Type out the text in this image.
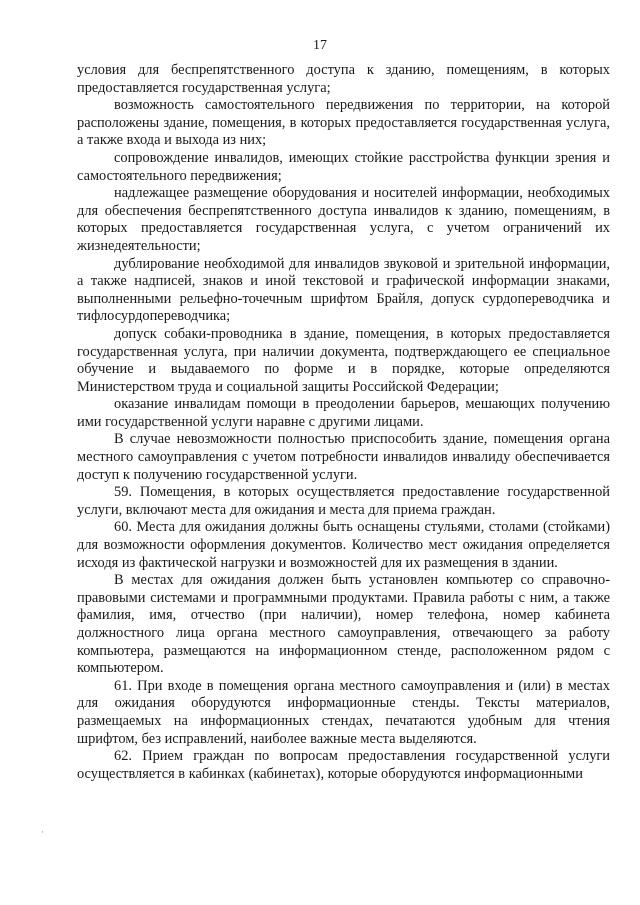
17

условия для беспрепятственного доступа к зданию, помещениям, в которых предоставляется государственная услуга;

возможность самостоятельного передвижения по территории, на которой расположены здание, помещения, в которых предоставляется государственная услуга, а также входа и выхода из них;

сопровождение инвалидов, имеющих стойкие расстройства функции зрения и самостоятельного передвижения;

надлежащее размещение оборудования и носителей информации, необходимых для обеспечения беспрепятственного доступа инвалидов к зданию, помещениям, в которых предоставляется государственная услуга, с учетом ограничений их жизнедеятельности;

дублирование необходимой для инвалидов звуковой и зрительной информации, а также надписей, знаков и иной текстовой и графической информации знаками, выполненными рельефно-точечным шрифтом Брайля, допуск сурдопереводчика и тифлосурдопереводчика;

допуск собаки-проводника в здание, помещения, в которых предоставляется государственная услуга, при наличии документа, подтверждающего ее специальное обучение и выдаваемого по форме и в порядке, которые определяются Министерством труда и социальной защиты Российской Федерации;

оказание инвалидам помощи в преодолении барьеров, мешающих получению ими государственной услуги наравне с другими лицами.

В случае невозможности полностью приспособить здание, помещения органа местного самоуправления с учетом потребности инвалидов инвалиду обеспечивается доступ к получению государственной услуги.

59. Помещения, в которых осуществляется предоставление государственной услуги, включают места для ожидания и места для приема граждан.

60. Места для ожидания должны быть оснащены стульями, столами (стойками) для возможности оформления документов. Количество мест ожидания определяется исходя из фактической нагрузки и возможностей для их размещения в здании.

В местах для ожидания должен быть установлен компьютер со справочно-правовыми системами и программными продуктами. Правила работы с ним, а также фамилия, имя, отчество (при наличии), номер телефона, номер кабинета должностного лица органа местного самоуправления, отвечающего за работу компьютера, размещаются на информационном стенде, расположенном рядом с компьютером.

61. При входе в помещения органа местного самоуправления и (или) в местах для ожидания оборудуются информационные стенды. Тексты материалов, размещаемых на информационных стендах, печатаются удобным для чтения шрифтом, без исправлений, наиболее важные места выделяются.

62. Прием граждан по вопросам предоставления государственной услуги осуществляется в кабинках (кабинетах), которые оборудуются информационными

·
